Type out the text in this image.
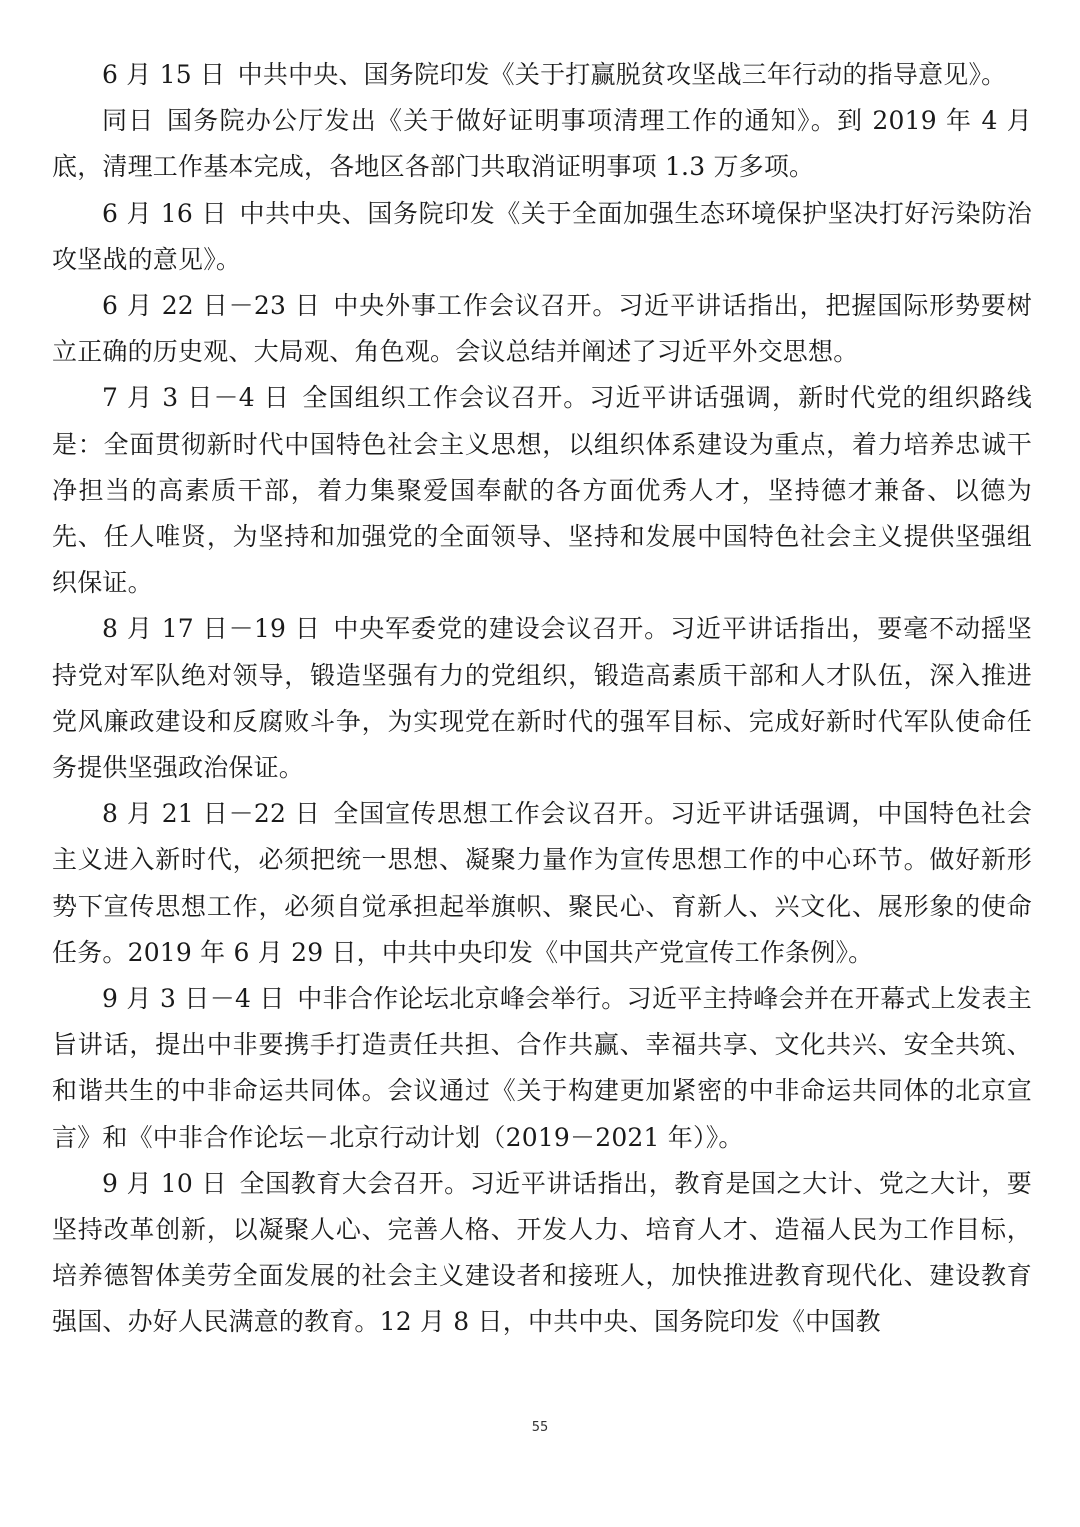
6 月 15 日 中共中央、国务院印发《关于打赢脱贫攻坚战三年行动的指导意见》。

同日 国务院办公厅发出《关于做好证明事项清理工作的通知》。到 2019 年 4 月底，清理工作基本完成，各地区各部门共取消证明事项 1.3 万多项。

6 月 16 日 中共中央、国务院印发《关于全面加强生态环境保护坚决打好污染防治攻坚战的意见》。

6 月 22 日－23 日 中央外事工作会议召开。习近平讲话指出，把握国际形势要树立正确的历史观、大局观、角色观。会议总结并阐述了习近平外交思想。

7 月 3 日－4 日 全国组织工作会议召开。习近平讲话强调，新时代党的组织路线是：全面贯彻新时代中国特色社会主义思想，以组织体系建设为重点，着力培养忠诚干净担当的高素质干部，着力集聚爱国奉献的各方面优秀人才，坚持德才兼备、以德为先、任人唯贤，为坚持和加强党的全面领导、坚持和发展中国特色社会主义提供坚强组织保证。

8 月 17 日－19 日 中央军委党的建设会议召开。习近平讲话指出，要毫不动摇坚持党对军队绝对领导，锻造坚强有力的党组织，锻造高素质干部和人才队伍，深入推进党风廉政建设和反腐败斗争，为实现党在新时代的强军目标、完成好新时代军队使命任务提供坚强政治保证。

8 月 21 日－22 日 全国宣传思想工作会议召开。习近平讲话强调，中国特色社会主义进入新时代，必须把统一思想、凝聚力量作为宣传思想工作的中心环节。做好新形势下宣传思想工作，必须自觉承担起举旗帜、聚民心、育新人、兴文化、展形象的使命任务。2019 年 6 月 29 日，中共中央印发《中国共产党宣传工作条例》。

9 月 3 日－4 日 中非合作论坛北京峰会举行。习近平主持峰会并在开幕式上发表主旨讲话，提出中非要携手打造责任共担、合作共赢、幸福共享、文化共兴、安全共筑、和谐共生的中非命运共同体。会议通过《关于构建更加紧密的中非命运共同体的北京宣言》和《中非合作论坛－北京行动计划（2019－2021 年）》。

9 月 10 日 全国教育大会召开。习近平讲话指出，教育是国之大计、党之大计，要坚持改革创新，以凝聚人心、完善人格、开发人力、培育人才、造福人民为工作目标，培养德智体美劳全面发展的社会主义建设者和接班人，加快推进教育现代化、建设教育强国、办好人民满意的教育。12 月 8 日，中共中央、国务院印发《中国教

55
